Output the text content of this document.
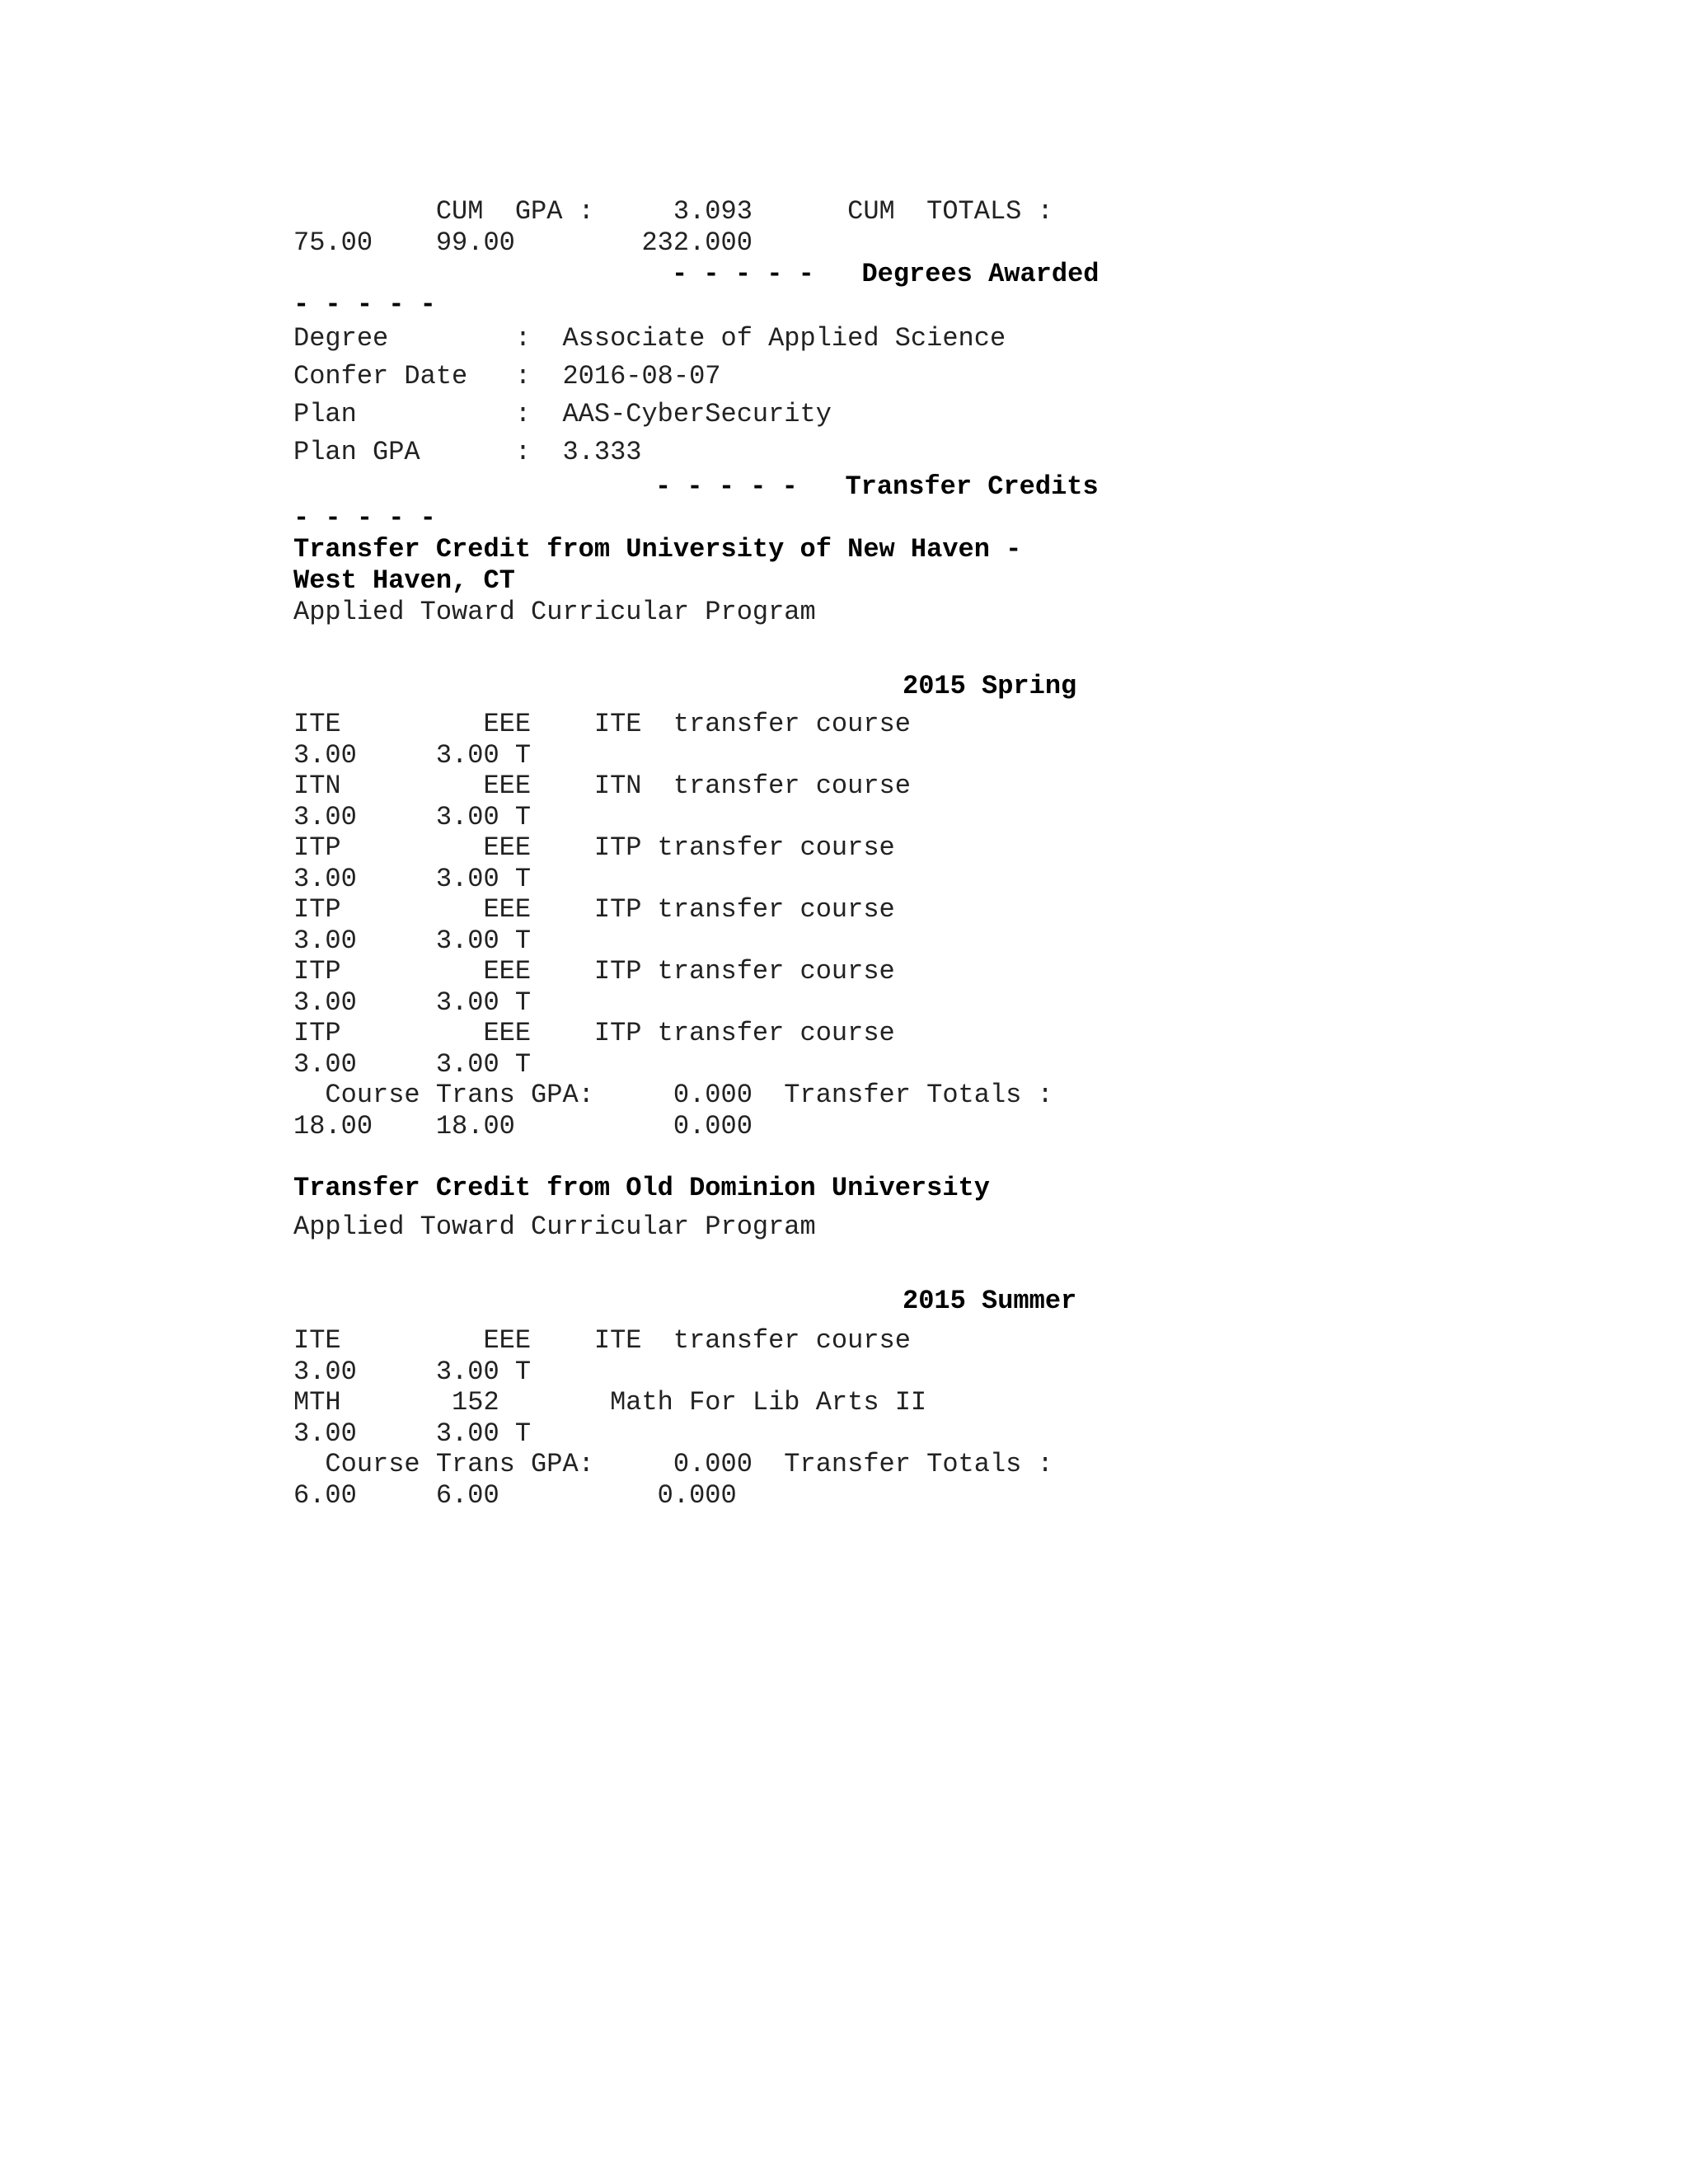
CUM  GPA :     3.093      CUM  TOTALS :
75.00    99.00        232.000
- - - - -   Degrees Awarded
- - - - -
Degree        :  Associate of Applied Science
Confer Date   :  2016-08-07
Plan          :  AAS-CyberSecurity
Plan GPA      :  3.333
- - - - -   Transfer Credits
- - - - -
Transfer Credit from University of New Haven -
West Haven, CT
Applied Toward Curricular Program
2015 Spring
ITE         EEE    ITE  transfer course
3.00     3.00 T
ITN         EEE    ITN  transfer course
3.00     3.00 T
ITP         EEE    ITP transfer course
3.00     3.00 T
ITP         EEE    ITP transfer course
3.00     3.00 T
ITP         EEE    ITP transfer course
3.00     3.00 T
ITP         EEE    ITP transfer course
3.00     3.00 T
Course Trans GPA:     0.000  Transfer Totals :
18.00    18.00          0.000
Transfer Credit from Old Dominion University
Applied Toward Curricular Program
2015 Summer
ITE         EEE    ITE  transfer course
3.00     3.00 T
MTH       152       Math For Lib Arts II
3.00     3.00 T
Course Trans GPA:     0.000  Transfer Totals :
6.00     6.00          0.000
